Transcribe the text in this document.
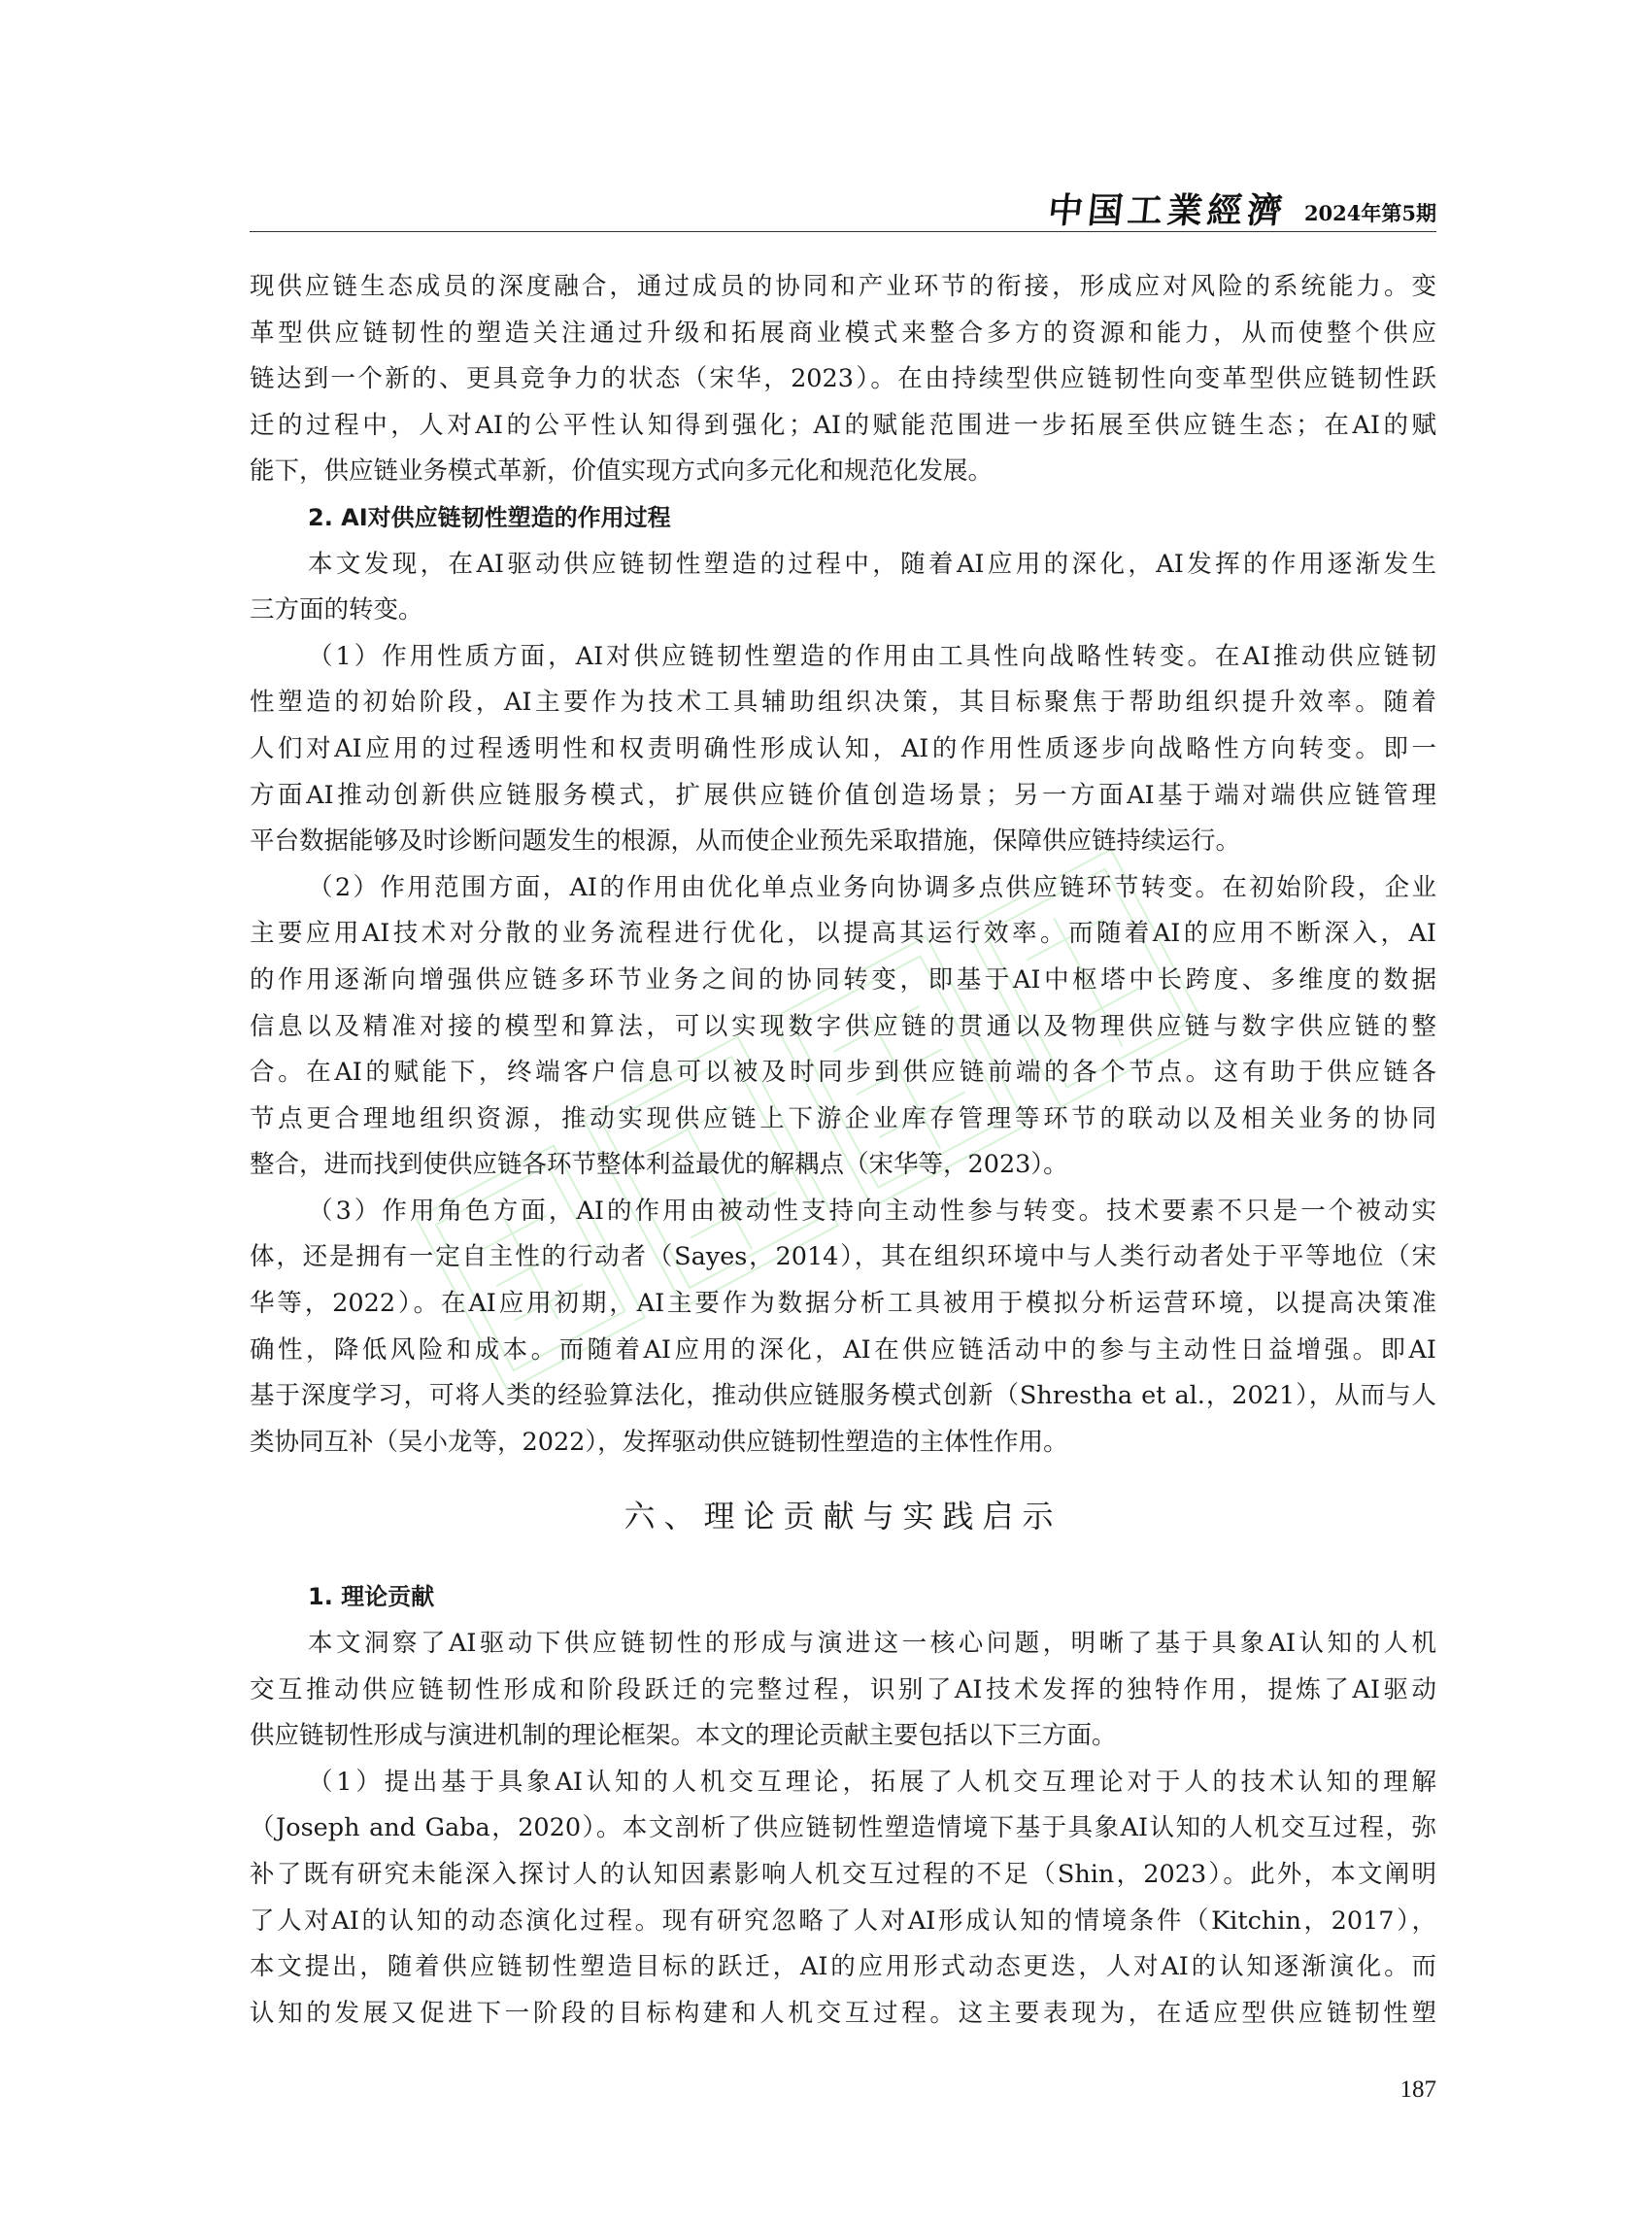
中国工業經濟 2024年第5期
现供应链生态成员的深度融合，通过成员的协同和产业环节的衔接，形成应对风险的系统能力。变
革型供应链韧性的塑造关注通过升级和拓展商业模式来整合多方的资源和能力，从而使整个供应
链达到一个新的、更具竞争力的状态（宋华，2023）。在由持续型供应链韧性向变革型供应链韧性跃
迁的过程中，人对AI的公平性认知得到强化；AI的赋能范围进一步拓展至供应链生态；在AI的赋
能下，供应链业务模式革新，价值实现方式向多元化和规范化发展。
2. AI对供应链韧性塑造的作用过程
本文发现，在AI驱动供应链韧性塑造的过程中，随着AI应用的深化，AI发挥的作用逐渐发生
三方面的转变。
（1）作用性质方面，AI对供应链韧性塑造的作用由工具性向战略性转变。在AI推动供应链韧
性塑造的初始阶段，AI主要作为技术工具辅助组织决策，其目标聚焦于帮助组织提升效率。随着
人们对AI应用的过程透明性和权责明确性形成认知，AI的作用性质逐步向战略性方向转变。即一
方面AI推动创新供应链服务模式，扩展供应链价值创造场景；另一方面AI基于端对端供应链管理
平台数据能够及时诊断问题发生的根源，从而使企业预先采取措施，保障供应链持续运行。
（2）作用范围方面，AI的作用由优化单点业务向协调多点供应链环节转变。在初始阶段，企业
主要应用AI技术对分散的业务流程进行优化，以提高其运行效率。而随着AI的应用不断深入，AI
的作用逐渐向增强供应链多环节业务之间的协同转变，即基于AI中枢塔中长跨度、多维度的数据
信息以及精准对接的模型和算法，可以实现数字供应链的贯通以及物理供应链与数字供应链的整
合。在AI的赋能下，终端客户信息可以被及时同步到供应链前端的各个节点。这有助于供应链各
节点更合理地组织资源，推动实现供应链上下游企业库存管理等环节的联动以及相关业务的协同
整合，进而找到使供应链各环节整体利益最优的解耦点（宋华等，2023）。
（3）作用角色方面，AI的作用由被动性支持向主动性参与转变。技术要素不只是一个被动实
体，还是拥有一定自主性的行动者（Sayes，2014），其在组织环境中与人类行动者处于平等地位（宋
华等，2022）。在AI应用初期，AI主要作为数据分析工具被用于模拟分析运营环境，以提高决策准
确性，降低风险和成本。而随着AI应用的深化，AI在供应链活动中的参与主动性日益增强。即AI
基于深度学习，可将人类的经验算法化，推动供应链服务模式创新（Shrestha et al.，2021），从而与人
类协同互补（吴小龙等，2022），发挥驱动供应链韧性塑造的主体性作用。
六、理论贡献与实践启示
1. 理论贡献
本文洞察了AI驱动下供应链韧性的形成与演进这一核心问题，明晰了基于具象AI认知的人机
交互推动供应链韧性形成和阶段跃迁的完整过程，识别了AI技术发挥的独特作用，提炼了AI驱动
供应链韧性形成与演进机制的理论框架。本文的理论贡献主要包括以下三方面。
（1）提出基于具象AI认知的人机交互理论，拓展了人机交互理论对于人的技术认知的理解
（Joseph and Gaba，2020）。本文剖析了供应链韧性塑造情境下基于具象AI认知的人机交互过程，弥
补了既有研究未能深入探讨人的认知因素影响人机交互过程的不足（Shin，2023）。此外，本文阐明
了人对AI的认知的动态演化过程。现有研究忽略了人对AI形成认知的情境条件（Kitchin，2017），
本文提出，随着供应链韧性塑造目标的跃迁，AI的应用形式动态更迭，人对AI的认知逐渐演化。而
认知的发展又促进下一阶段的目标构建和人机交互过程。这主要表现为，在适应型供应链韧性塑
187
